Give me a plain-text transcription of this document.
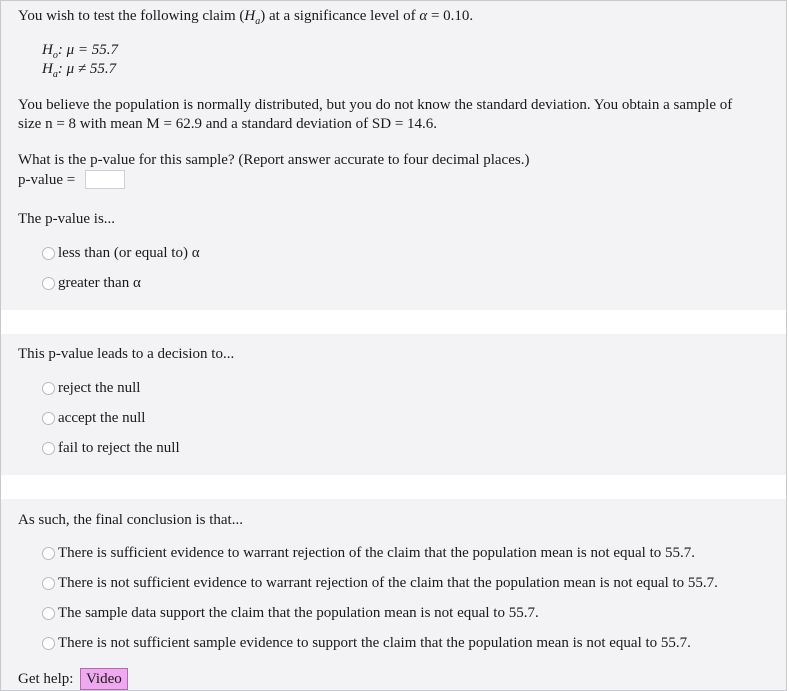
You wish to test the following claim $(H_a)$ at a significance level of α = 0.10.
$H_o$: μ = 55.7
$H_a$: μ ≠ 55.7
You believe the population is normally distributed, but you do not know the standard deviation. You obtain a sample of
size n = 8 with mean M = 62.9 and a standard deviation of SD = 14.6.
What is the p-value for this sample? (Report answer accurate to four decimal places.)
p-value =
The p-value is...
less than (or equal to) α
greater than α
This p-value leads to a decision to...
reject the null
accept the null
fail to reject the null
As such, the final conclusion is that...
There is sufficient evidence to warrant rejection of the claim that the population mean is not equal to 55.7.
There is not sufficient evidence to warrant rejection of the claim that the population mean is not equal to 55.7.
The sample data support the claim that the population mean is not equal to 55.7.
There is not sufficient sample evidence to support the claim that the population mean is not equal to 55.7.
Get help: Video
